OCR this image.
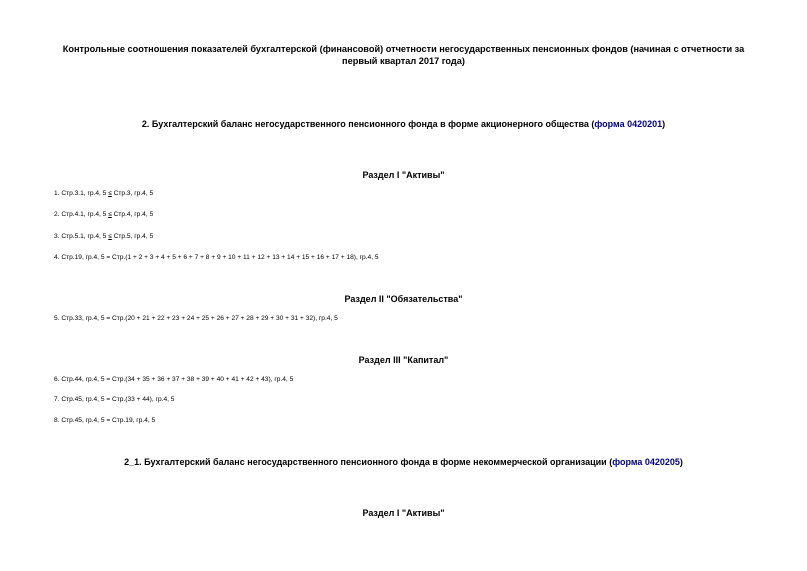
Контрольные соотношения показателей бухгалтерской (финансовой) отчетности негосударственных пенсионных фондов (начиная с отчетности за первый квартал 2017 года)
2. Бухгалтерский баланс негосударственного пенсионного фонда в форме акционерного общества (форма 0420201)
Раздел I "Активы"
1. Стр.3.1, гр.4, 5 ≤ Стр.3, гр.4, 5
2. Стр.4.1, гр.4, 5 ≤ Стр.4, гр.4, 5
3. Стр.5.1, гр.4, 5 ≤ Стр.5, гр.4, 5
4. Стр.19, гр.4, 5 = Стр.(1 + 2 + 3 + 4 + 5 + 6 + 7 + 8 + 9 + 10 + 11 + 12 + 13 + 14 + 15 + 16 + 17 + 18), гр.4, 5
Раздел II "Обязательства"
5. Стр.33, гр.4, 5 = Стр.(20 + 21 + 22 + 23 + 24 + 25 + 26 + 27 + 28 + 29 + 30 + 31 + 32), гр.4, 5
Раздел III "Капитал"
6. Стр.44, гр.4, 5 = Стр.(34 + 35 + 36 + 37 + 38 + 39 + 40 + 41 + 42 + 43), гр.4, 5
7. Стр.45, гр.4, 5 = Стр.(33 + 44), гр.4, 5
8. Стр.45, гр.4, 5 = Стр.19, гр.4, 5
2_1. Бухгалтерский баланс негосударственного пенсионного фонда в форме некоммерческой организации (форма 0420205)
Раздел I "Активы"
